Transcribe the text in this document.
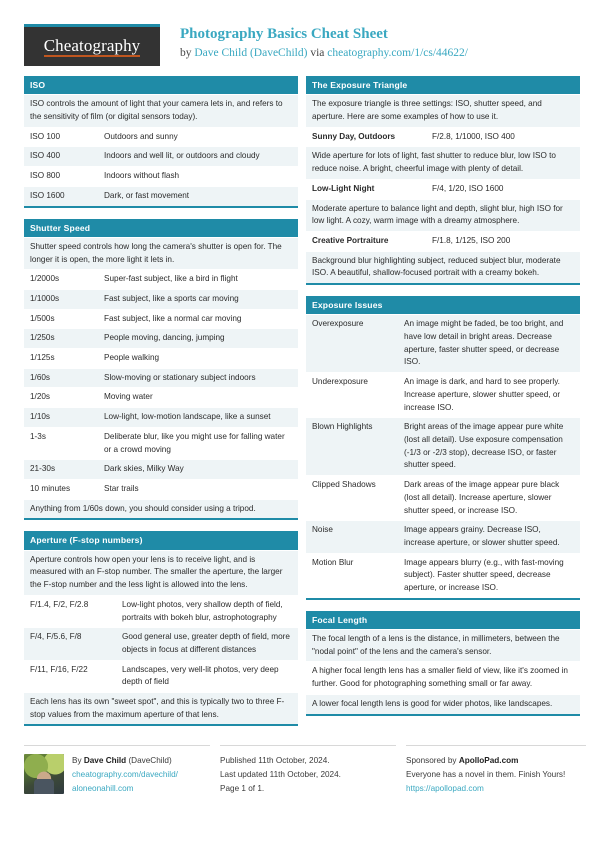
Cheatography
Photography Basics Cheat Sheet
by Dave Child (DaveChild) via cheatography.com/1/cs/44622/
ISO
ISO controls the amount of light that your camera lets in, and refers to the sensitivity of film (or digital sensors today).
ISO 100	Outdoors and sunny
ISO 400	Indoors and well lit, or outdoors and cloudy
ISO 800	Indoors without flash
ISO 1600	Dark, or fast movement
Shutter Speed
Shutter speed controls how long the camera's shutter is open for. The longer it is open, the more light it lets in.
1/2000s	Super-fast subject, like a bird in flight
1/1000s	Fast subject, like a sports car moving
1/500s	Fast subject, like a normal car moving
1/250s	People moving, dancing, jumping
1/125s	People walking
1/60s	Slow-moving or stationary subject indoors
1/20s	Moving water
1/10s	Low-light, low-motion landscape, like a sunset
1-3s	Deliberate blur, like you might use for falling water or a crowd moving
21-30s	Dark skies, Milky Way
10 minutes	Star trails
Anything from 1/60s down, you should consider using a tripod.
Aperture (F-stop numbers)
Aperture controls how open your lens is to receive light, and is measured with an F-stop number. The smaller the aperture, the larger the F-stop number and the less light is allowed into the lens.
F/1.4, F/2, F/2.8	Low-light photos, very shallow depth of field, portraits with bokeh blur, astrophotography
F/4, F/5.6, F/8	Good general use, greater depth of field, more objects in focus at different distances
F/11, F/16, F/22	Landscapes, very well-lit photos, very deep depth of field
Each lens has its own "sweet spot", and this is typically two to three F-stop values from the maximum aperture of that lens.
The Exposure Triangle
The exposure triangle is three settings: ISO, shutter speed, and aperture. Here are some examples of how to use it.
Sunny Day, Outdoors	F/2.8, 1/1000, ISO 400
Wide aperture for lots of light, fast shutter to reduce blur, low ISO to reduce noise. A bright, cheerful image with plenty of detail.
Low-Light Night	F/4, 1/20, ISO 1600
Moderate aperture to balance light and depth, slight blur, high ISO for low light. A cozy, warm image with a dreamy atmosphere.
Creative Portraiture	F/1.8, 1/125, ISO 200
Background blur highlighting subject, reduced subject blur, moderate ISO. A beautiful, shallow-focused portrait with a creamy bokeh.
Exposure Issues
Overexposure	An image might be faded, be too bright, and have low detail in bright areas. Decrease aperture, faster shutter speed, or decrease ISO.
Underexposure	An image is dark, and hard to see properly. Increase aperture, slower shutter speed, or increase ISO.
Blown Highlights	Bright areas of the image appear pure white (lost all detail). Use exposure compensation (-1/3 or -2/3 stop), decrease ISO, or faster shutter speed.
Clipped Shadows	Dark areas of the image appear pure black (lost all detail). Increase aperture, slower shutter speed, or increase ISO.
Noise	Image appears grainy. Decrease ISO, increase aperture, or slower shutter speed.
Motion Blur	Image appears blurry (e.g., with fast-moving subject). Faster shutter speed, decrease aperture, or increase ISO.
Focal Length
The focal length of a lens is the distance, in millimeters, between the "nodal point" of the lens and the camera's sensor.
A higher focal length lens has a smaller field of view, like it's zoomed in further. Good for photographing something small or far away.
A lower focal length lens is good for wider photos, like landscapes.
By Dave Child (DaveChild)
cheatography.com/davechild/
aloneonahill.com
Published 11th October, 2024.
Last updated 11th October, 2024.
Page 1 of 1.
Sponsored by ApolloPad.com
Everyone has a novel in them. Finish Yours!
https://apollopad.com
